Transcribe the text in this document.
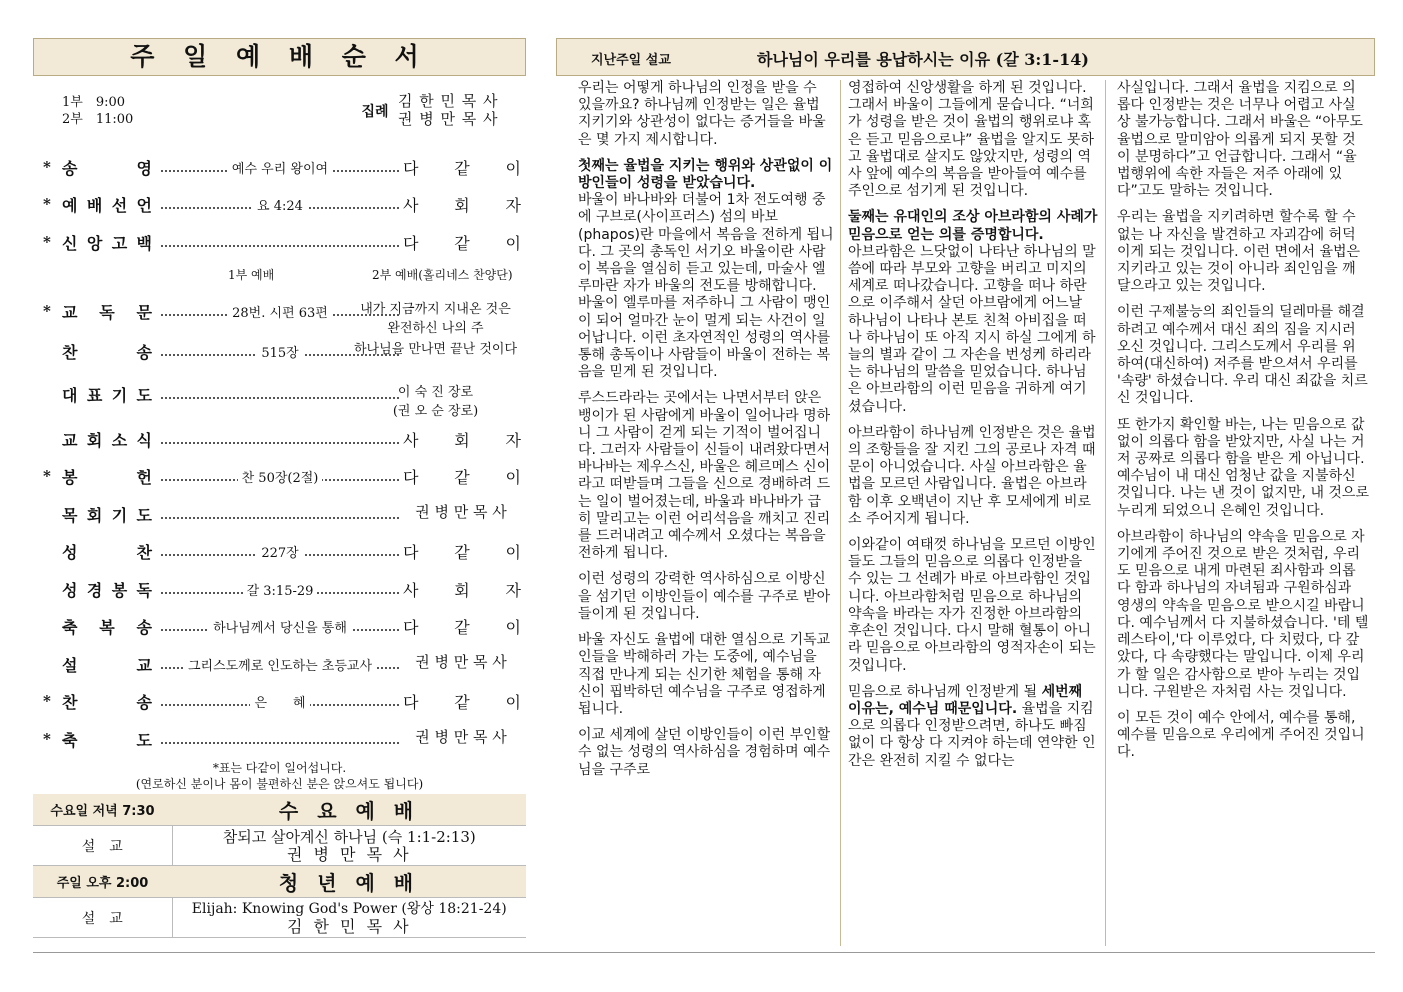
주 일 예 배 순 서
1부　9:00
2부　11:00	집례
김 한 민 목 사
권 병 만 목 사
* 송	영	예수 우리 왕이여	다 같 이
* 예 배 선 언	요 4:24	사 회 자
* 신 앙 고 백	다 같 이
* 교 독 문	28번. 시편 63편	내가 지금까지 지내온 것은
완전하신 나의 주
찬	송	515장	하나님을 만나면 끝난 것이다
대 표 기 도	이 숙 진 장로
(권 오 순 장로)
교 회 소 식	사 회 자
* 봉	헌	찬 50장(2절)	다 같 이
목 회 기 도	권 병 만 목 사
성	찬	227장	다 같 이
성 경 봉 독	갈 3:15-29	사 회 자
축 복 송	하나님께서 당신을 통해	다 같 이
설	교	그리스도께로 인도하는 초등교사	권 병 만 목 사
* 찬	송	은　　혜	다 같 이
* 축	도	권 병 만 목 사
1부 예배	2부 예배(홀리네스 찬양단)
*표는 다같이 일어섭니다.
(연로하신 분이나 몸이 불편하신 분은 앉으셔도 됩니다)
수요일 저녁 7:30	수 요 예 배
설　교	참되고 살아계신 하나님 (슥 1:1-2:13)
권 병 만 목 사

주일 오후 2:00	청 년 예 배
설　교	Elijah: Knowing God's Power (왕상 18:21-24)
김 한 민 목 사
지난주일 설교	하나님이 우리를 용납하시는 이유 (갈 3:1-14)

우리는 어떻게 하나님의 인정을 받을 수 있을까요? 하나님께 인정받는 일은 율법 지키기와 상관성이 없다는 증거들을 바울은 몇 가지 제시합니다.

첫째는 율법을 지키는 행위와 상관없이 이방인들이 성령을 받았습니다.
바울이 바나바와 더불어 1차 전도여행 중에 구브로(사이프러스) 섬의 바보(phapos)란 마을에서 복음을 전하게 됩니다. 그 곳의 총독인 서기오 바울이란 사람이 복음을 열심히 듣고 있는데, 마술사 엘루마란 자가 바울의 전도를 방해합니다. 바울이 엘루마를 저주하니 그 사람이 맹인이 되어 얼마간 눈이 멀게 되는 사건이 일어납니다. 이런 초자연적인 성령의 역사를 통해 총독이나 사람들이 바울이 전하는 복음을 믿게 된 것입니다.

루스드라라는 곳에서는 나면서부터 앉은뱅이가 된 사람에게 바울이 일어나라 명하니 그 사람이 걷게 되는 기적이 벌어집니다. 그러자 사람들이 신들이 내려왔다면서 바나바는 제우스신, 바울은 헤르메스 신이라고 떠받들며 그들을 신으로 경배하려 드는 일이 벌어졌는데, 바울과 바나바가 급히 말리고는 이런 어리석음을 깨치고 진리를 드러내려고 예수께서 오셨다는 복음을 전하게 됩니다.

이런 성령의 강력한 역사하심으로 이방신을 섬기던 이방인들이 예수를 구주로 받아들이게 된 것입니다.

바울 자신도 율법에 대한 열심으로 기독교인들을 박해하러 가는 도중에, 예수님을 직접 만나게 되는 신기한 체험을 통해 자신이 핍박하던 예수님을 구주로 영접하게 됩니다.

이교 세계에 살던 이방인들이 이런 부인할 수 없는 성령의 역사하심을 경험하며 예수님을 구주로

영접하여 신앙생활을 하게 된 것입니다. 그래서 바울이 그들에게 묻습니다. “너희가 성령을 받은 것이 율법의 행위로냐 혹은 듣고 믿음으로냐” 율법을 알지도 못하고 율법대로 살지도 않았지만, 성령의 역사 앞에 예수의 복음을 받아들여 예수를 주인으로 섬기게 된 것입니다.

둘째는 유대인의 조상 아브라함의 사례가 믿음으로 얻는 의를 증명합니다.
아브라함은 느닷없이 나타난 하나님의 말씀에 따라 부모와 고향을 버리고 미지의 세계로 떠나갔습니다. 고향을 떠나 하란으로 이주해서 살던 아브람에게 어느날 하나님이 나타나 본토 친척 아비집을 떠나 하나님이 또 아직 지시 하실 그에게 하늘의 별과 같이 그 자손을 번성케 하리라는 하나님의 말씀을 믿었습니다. 하나님은 아브라함의 이런 믿음을 귀하게 여기셨습니다.

아브라함이 하나님께 인정받은 것은 율법의 조항들을 잘 지킨 그의 공로나 자격 때문이 아니었습니다. 사실 아브라함은 율법을 모르던 사람입니다. 율법은 아브라함 이후 오백년이 지난 후 모세에게 비로소 주어지게 됩니다.

이와같이 여태껏 하나님을 모르던 이방인들도 그들의 믿음으로 의롭다 인정받을 수 있는 그 선례가 바로 아브라함인 것입니다. 아브라함처럼 믿음으로 하나님의 약속을 바라는 자가 진정한 아브라함의 후손인 것입니다. 다시 말해 혈통이 아니라 믿음으로 아브라함의 영적자손이 되는 것입니다.

믿음으로 하나님께 인정받게 될 세번째 이유는, 예수님 때문입니다. 율법을 지킴으로 의롭다 인정받으려면, 하나도 빠짐없이 다 항상 다 지켜야 하는데 연약한 인간은 완전히 지킬 수 없다는

사실입니다. 그래서 율법을 지킴으로 의롭다 인정받는 것은 너무나 어렵고 사실상 불가능합니다. 그래서 바울은 “아무도 율법으로 말미암아 의롭게 되지 못할 것이 분명하다”고 언급합니다. 그래서 “율법행위에 속한 자들은 저주 아래에 있다”고도 말하는 것입니다.

우리는 율법을 지키려하면 할수록 할 수 없는 나 자신을 발견하고 자괴감에 허덕이게 되는 것입니다. 이런 면에서 율법은 지키라고 있는 것이 아니라 죄인임을 깨달으라고 있는 것입니다.

이런 구제불능의 죄인들의 딜레마를 해결하려고 예수께서 대신 죄의 짐을 지시러 오신 것입니다. 그리스도께서 우리를 위하여(대신하여) 저주를 받으셔서 우리를 '속량' 하셨습니다. 우리 대신 죄값을 치르신 것입니다.

또 한가지 확인할 바는, 나는 믿음으로 값 없이 의롭다 함을 받았지만, 사실 나는 거저 공짜로 의롭다 함을 받은 게 아닙니다. 예수님이 내 대신 엄청난 값을 지불하신 것입니다. 나는 낸 것이 없지만, 내 것으로 누리게 되었으니 은혜인 것입니다.

아브라함이 하나님의 약속을 믿음으로 자기에게 주어진 것으로 받은 것처럼, 우리도 믿음으로 내게 마련된 죄사함과 의롭다 함과 하나님의 자녀됨과 구원하심과 영생의 약속을 믿음으로 받으시길 바랍니다. 예수님께서 다 지불하셨습니다. '테 텔레스타이,'다 이루었다, 다 치렀다, 다 갚았다, 다 속량했다는 말입니다. 이제 우리가 할 일은 감사함으로 받아 누리는 것입니다. 구원받은 자처럼 사는 것입니다.

이 모든 것이 예수 안에서, 예수를 통해, 예수를 믿음으로 우리에게 주어진 것입니다.
